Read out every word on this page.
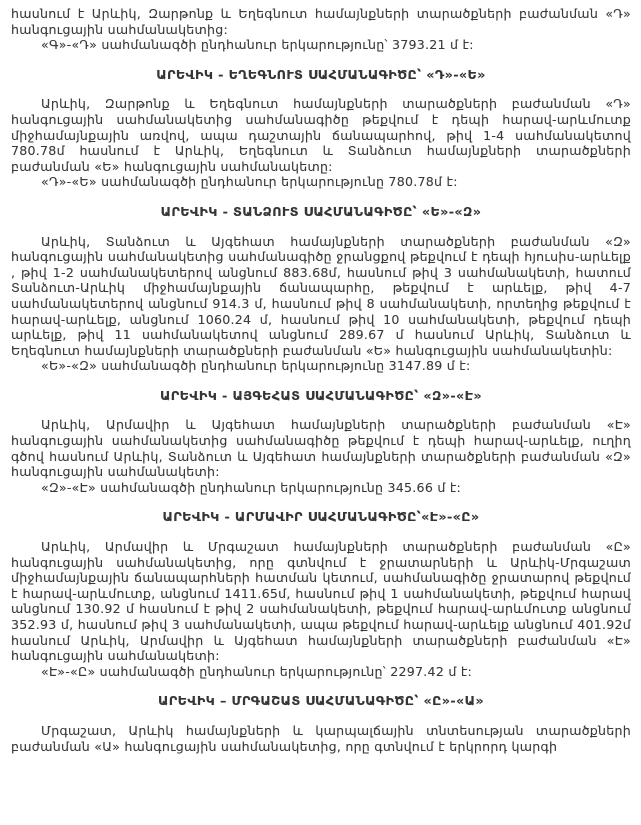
հասնում է Արևիկ, Զարթոնք և Եղեգնուտ համայնքների տարածքների բաժանման «Դ» հանգուցային սահմանակետից:

«Գ»-«Դ» սահմանագծի ընդհանուր երկարությունը՝ 3793.21 մ է:

ԱՐԵՎԻԿ - ԵՂԵԳՆՈՒՏ ՍԱՀՄԱՆԱԳԻԾԸ՝ «Դ»-«Ե»

Արևիկ, Զարթոնք և Եղեգնուտ համայնքների տարածքների բաժանման «Դ» հանգուցային սահմանակետից սահմանագիծը թեքվում է դեպի հարավ-արևմուտք միջհամայնքային առվով, ապա դաշտային ճանապարհով, թիվ 1-4 սահմանակետով 780.78մ հասնում է Արևիկ, Եղեգնուտ և Տանձուտ համայնքների տարածքների բաժանման «Ե» հանգուցային սահմանակետը:

«Դ»-«Ե» սահմանագծի ընդհանուր երկարությունը 780.78մ է:

ԱՐԵՎԻԿ - ՏԱՆՁՈՒՏ ՍԱՀՄԱՆԱԳԻԾԸ՝ «Ե»-«Զ»

Արևիկ, Տանձուտ և Այգեհատ համայնքների տարածքների բաժանման «Զ» հանգուցային սահմանակետից սահմանագիծը ջրանցքով թեքվում է դեպի հյուսիս-արևելք , թիվ 1-2 սահմանակետերով անցնում 883.68մ, հասնում թիվ 3 սահմանակետի, հատում Տանձուտ-Արևիկ միջհամայնքային ճանապարհը, թեքվում է արևելք, թիվ 4-7 սահմանակետերով անցնում 914.3 մ, հասնում թիվ 8 սահմանակետի, որտեղից թեքվում է հարավ-արևելք, անցնում 1060.24 մ, հասնում թիվ 10 սահմանակետի, թեքվում դեպի արևելք, թիվ 11 սահմանակետով անցնում 289.67 մ հասնում Արևիկ, Տանձուտ և Եղեգնուտ համայնքների տարածքների բաժանման «Ե» հանգուցային սահմանակետին:

«Ե»-«Զ» սահմանագծի ընդհանուր երկարությունը 3147.89 մ է:

ԱՐԵՎԻԿ - ԱՅԳԵՀԱՏ ՍԱՀՄԱՆԱԳԻԾԸ՝ «Զ»-«Է»

Արևիկ, Արմավիր և Այգեհատ համայնքների տարածքների բաժանման «Է» հանգուցային սահմանակետից սահմանագիծը թեքվում է դեպի հարավ-արևելք, ուղիղ գծով հասնում Արևիկ, Տանձուտ և Այգեհատ համայնքների տարածքների բաժանման «Զ» հանգուցային սահմանակետի:

«Զ»-«Է» սահմանագծի ընդհանուր երկարությունը 345.66 մ է:

ԱՐԵՎԻԿ - ԱՐՄԱՎԻՐ ՍԱՀՄԱՆԱԳԻԾԸ՝«Է»-«Ը»

Արևիկ, Արմավիր և Մրգաշատ համայնքների տարածքների բաժանման «Ը» հանգուցային սահմանակետից, որը գտնվում է ջրատարների և Արևիկ-Մրգաշատ միջհամայնքային ճանապարհների հատման կետում, սահմանագիծը ջրատարով թեքվում է հարավ-արևմուտք, անցնում 1411.65մ, հասնում թիվ 1 սահմանակետի, թեքվում հարավ անցնում 130.92 մ հասնում է թիվ 2 սահմանակետի, թեքվում հարավ-արևմուտք անցնում 352.93 մ, հասնում թիվ 3 սահմանակետի, ապա թեքվում հարավ-արևելք անցնում 401.92մ հասնում Արևիկ, Արմավիր և Այգեհատ համայնքների տարածքների բաժանման «Է» հանգուցային սահմանակետի:

«Է»-«Ը» սահմանագծի ընդհանուր երկարությունը՝ 2297.42 մ է:

ԱՐԵՎԻԿ – ՄՐԳԱՇԱՏ ՍԱՀՄԱՆԱԳԻԾԸ՝ «Ը»-«Ա»

Մրգաշատ, Արևիկ համայնքների և կարպալճային տնտեսության տարածքների բաժանման «Ա» հանգուցային սահմանակետից, որը գտնվում է երկրորդ կարգի
